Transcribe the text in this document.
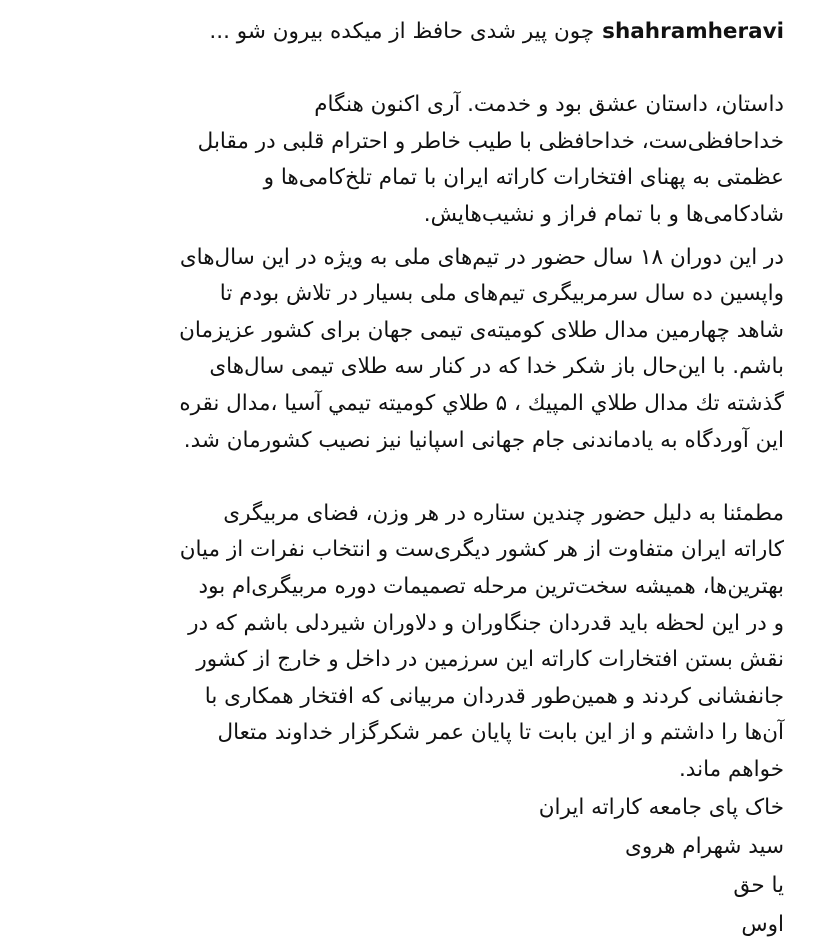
shahramheraviچون پیر شدی حافظ از میکده بیرون شو ...
داستان، داستان عشق بود و خدمت. آری اکنون هنگام
خداحافظی‌ست، خداحافظی با طیب خاطر و احترام قلبی در مقابل
عظمتی به پهنای افتخارات کاراته ایران با تمام تلخ‌کامی‌ها و
شادکامی‌ها و با تمام فراز و نشیب‌هایش.
در این دوران ۱۸ سال حضور در تیم‌های ملی به ویژه در این سال‌های
واپسین ده سال سرمربیگری تیم‌های ملی بسیار در تلاش بودم تا
شاهد چهارمین مدال طلای کومیته‌ی تیمی جهان برای کشور عزیزمان
باشم. با این‌حال باز شکر خدا که در کنار سه طلای تیمی سال‌های
گذشته تك مدال طلاي المپيك ، ۵ طلاي كوميته تيمي آسيا ،مدال نقره
این آوردگاه به یادماندنی جام جهانی اسپانیا نیز نصیب کشورمان شد.
مطمئنا به دلیل حضور چندین ستاره در هر وزن، فضای مربیگری
کاراته ایران متفاوت از هر کشور دیگری‌ست و انتخاب نفرات از میان
بهترین‌ها، همیشه سخت‌ترین مرحله تصمیمات دوره مربیگری‌ام بود
و در این لحظه باید قدردان جنگاوران و دلاوران شیردلی باشم که در
نقش بستن افتخارات کاراته این سرزمین در داخل و خارج از کشور
جانفشانی کردند و همین‌طور قدردان مربیانی که افتخار همکاری با
آن‌ها را داشتم و از این بابت تا پایان عمر شکرگزار خداوند متعال
خواهم ماند.
خاک پای جامعه کاراته ایران
سید شهرام هروی
یا حق
اوس
